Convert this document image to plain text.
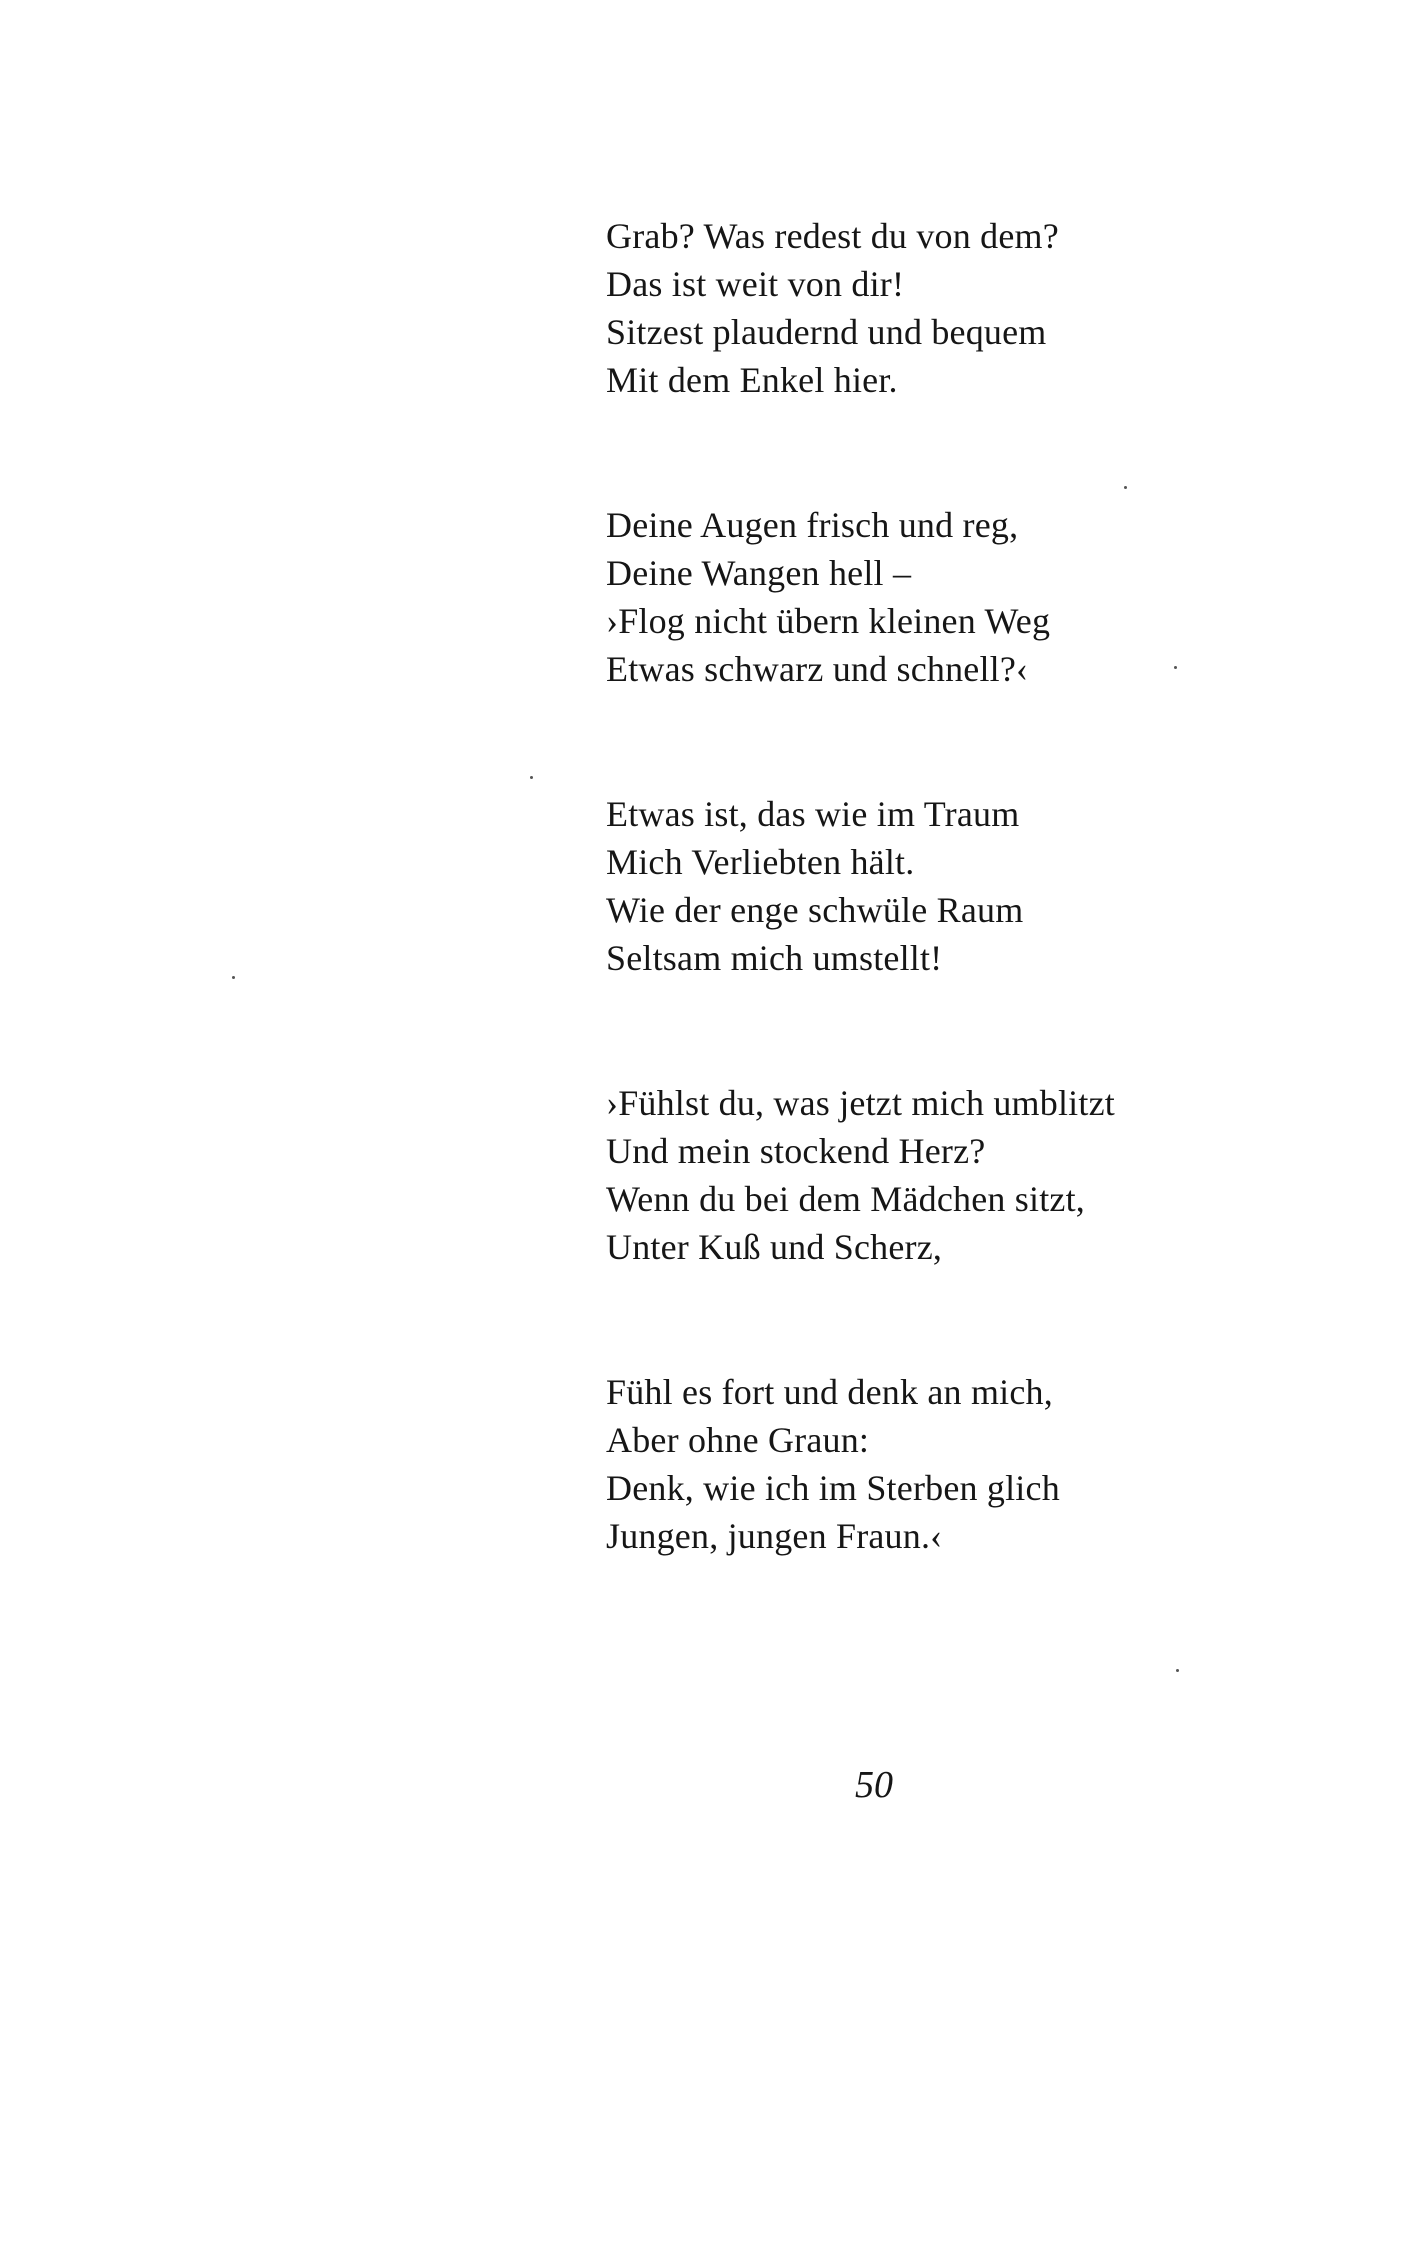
Grab? Was redest du von dem?
Das ist weit von dir!
Sitzest plaudernd und bequem
Mit dem Enkel hier.
Deine Augen frisch und reg,
Deine Wangen hell –
›Flog nicht übern kleinen Weg
Etwas schwarz und schnell?‹
Etwas ist, das wie im Traum
Mich Verliebten hält.
Wie der enge schwüle Raum
Seltsam mich umstellt!
›Fühlst du, was jetzt mich umblitzt
Und mein stockend Herz?
Wenn du bei dem Mädchen sitzt,
Unter Kuß und Scherz,
Fühl es fort und denk an mich,
Aber ohne Graun:
Denk, wie ich im Sterben glich
Jungen, jungen Fraun.‹
50
